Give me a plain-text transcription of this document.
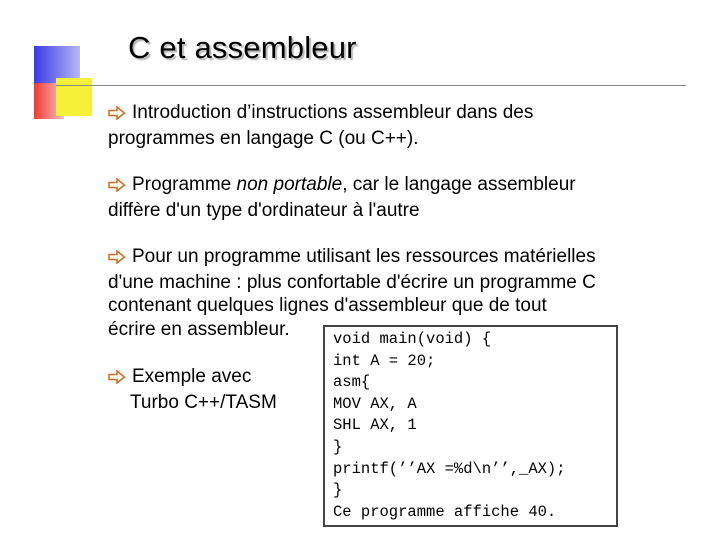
C et assembleur
Introduction d’instructions assembleur dans des
programmes en langage C (ou C++).
Programme non portable, car le langage assembleur
diffère d'un type d'ordinateur à l'autre
Pour un programme utilisant les ressources matérielles
d'une machine : plus confortable d'écrire un programme C
contenant quelques lignes d'assembleur que de tout
écrire en assembleur.
Exemple avec
Turbo C++/TASM
void main(void) {
int A = 20;
asm{
MOV AX, A
SHL AX, 1
}
printf(’’AX =%d\n’’,_AX);
}
Ce programme affiche 40.
